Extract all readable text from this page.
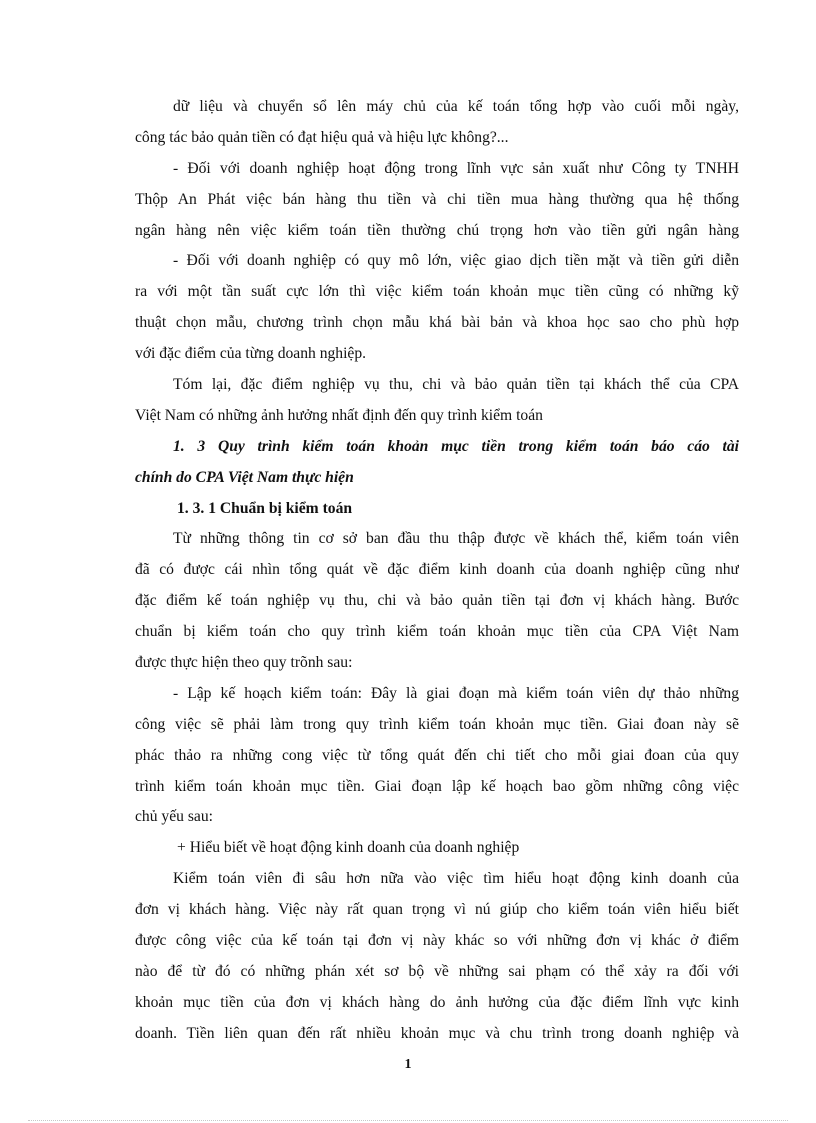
dữ liệu và chuyển sổ lên máy chủ của kế toán tổng hợp vào cuối mỗi ngày,
công tác bảo quản tiền có đạt hiệu quả và hiệu lực không?...
- Đối với doanh nghiệp hoạt động trong lĩnh vực sản xuất như Công ty TNHH
Thộp An Phát việc bán hàng thu tiền và chi tiền mua hàng thường qua hệ thống
ngân hàng nên việc kiểm toán tiền thường chú trọng hơn vào tiền gửi ngân hàng
- Đối với doanh nghiệp có quy mô lớn, việc giao dịch tiền mặt và tiền gửi diễn
ra với một tần suất cực lớn thì việc kiểm toán khoản mục tiền cũng có những kỹ
thuật chọn mẫu, chương trình chọn mẫu khá bài bản và khoa học sao cho phù hợp
với đặc điểm của từng doanh nghiệp.
Tóm lại, đặc điểm nghiệp vụ thu, chi và bảo quản tiền tại khách thể của CPA
Việt Nam có những ảnh hưởng nhất định đến quy trình kiểm toán
1. 3 Quy trình kiểm toán khoản mục tiền trong kiểm toán báo cáo tài
chính do CPA Việt Nam thực hiện
1. 3. 1 Chuẩn bị kiểm toán
Từ những thông tin cơ sở ban đầu thu thập được về khách thể, kiểm toán viên
đã có được cái nhìn tổng quát về đặc điểm kinh doanh của doanh nghiệp cũng như
đặc điểm kế toán nghiệp vụ thu, chi và bảo quản tiền tại đơn vị khách hàng. Bước
chuẩn bị kiểm toán cho quy trình kiểm toán khoản mục tiền của CPA Việt Nam
được thực hiện theo quy trõnh sau:
- Lập kế hoạch kiểm toán: Đây là giai đoạn mà kiểm toán viên dự thảo những
công việc sẽ phải làm trong quy trình kiểm toán khoản mục tiền. Giai đoan này sẽ
phác thảo ra những cong việc từ tổng quát đến chi tiết cho mỗi giai đoan của quy
trình kiểm toán khoản mục tiền. Giai đoạn lập kế hoạch bao gồm những công việc
chủ yếu sau:
+ Hiểu biết về hoạt động kinh doanh của doanh nghiệp
Kiểm toán viên đi sâu hơn nữa vào việc tìm hiểu hoạt động kinh doanh của
đơn vị khách hàng. Việc này rất quan trọng vì nú giúp cho kiểm toán viên hiểu biết
được công việc của kế toán tại đơn vị này khác so với những đơn vị khác ở điểm
nào để từ đó có những phán xét sơ bộ về những sai phạm có thể xảy ra đối với
khoản mục tiền của đơn vị khách hàng do ảnh hưởng của đặc điểm lĩnh vực kinh
doanh. Tiền liên quan đến rất nhiều khoản mục và chu trình trong doanh nghiệp và
1
